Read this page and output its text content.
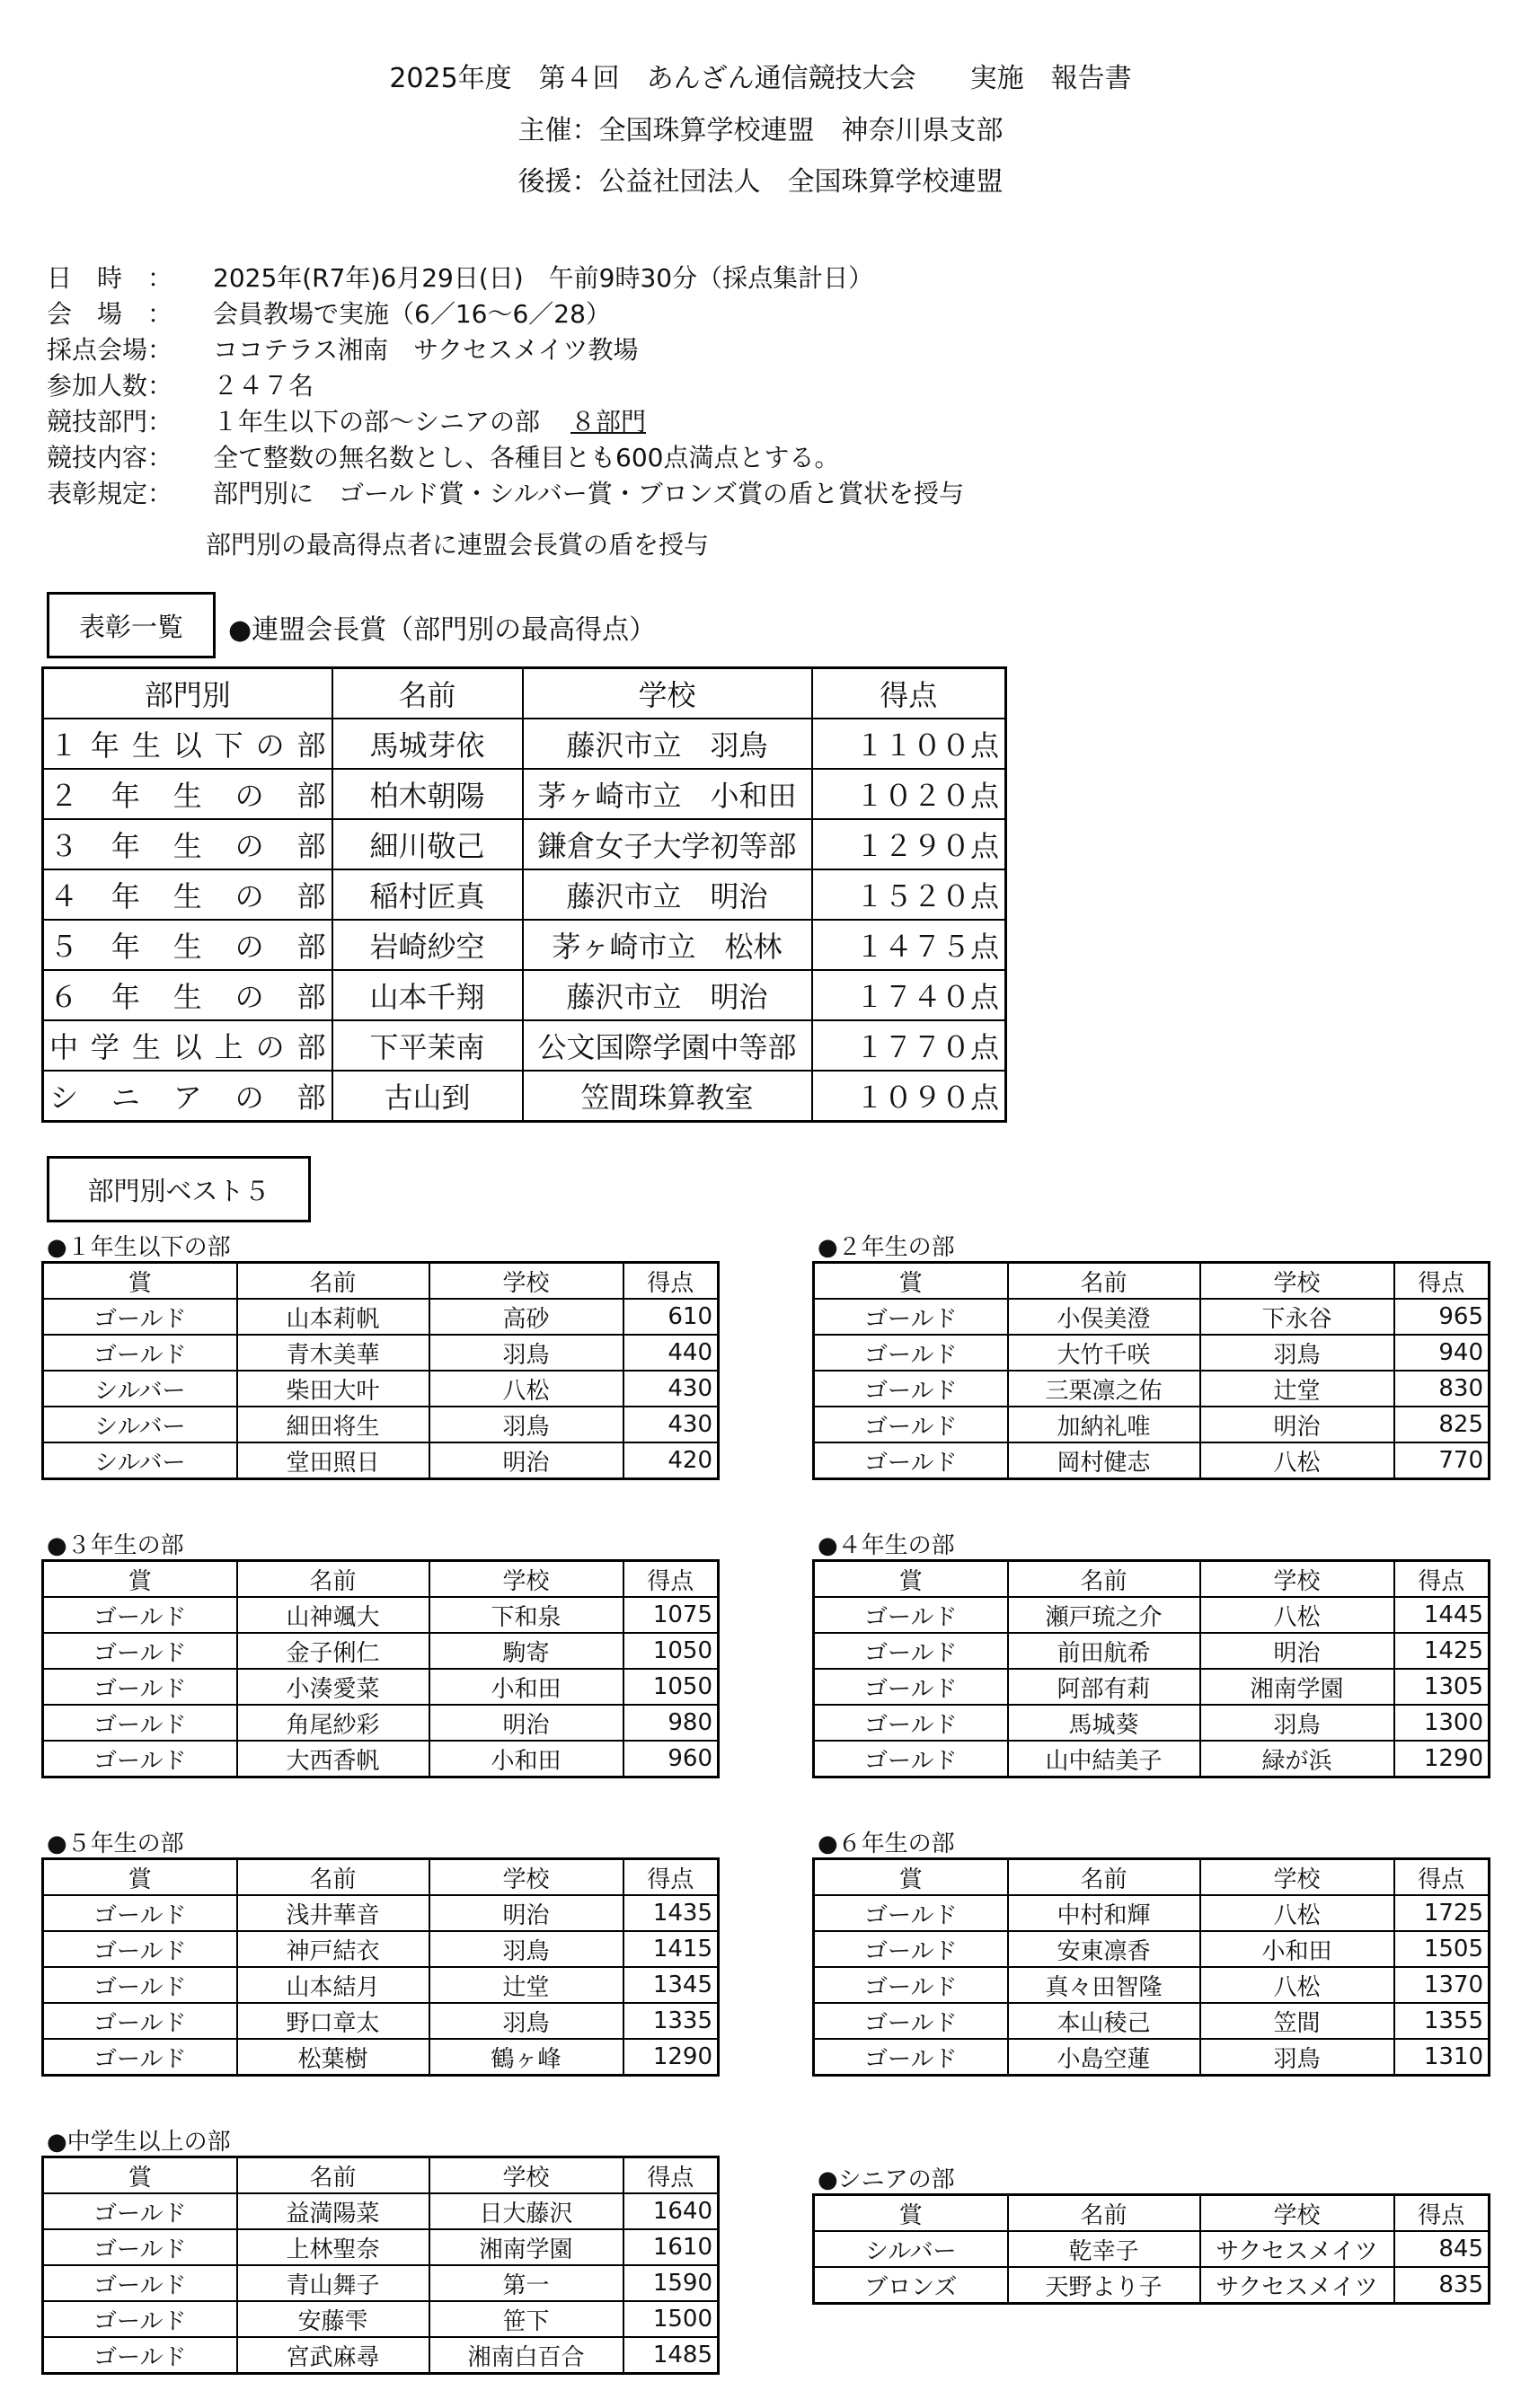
2025年度　第４回　あんざん通信競技大会　　実施　報告書
主催：全国珠算学校連盟　神奈川県支部
後援：公益社団法人　全国珠算学校連盟
日　時　： 2025年(R7年)6月29日(日)　午前9時30分（採点集計日）
会　場　： 会員教場で実施（6／16～6／28）
採点会場： ココテラス湘南　サクセスメイツ教場
参加人数： ２４７名
競技部門： １年生以下の部～シニアの部 ８部門
競技内容： 全て整数の無名数とし、各種目とも600点満点とする。
表彰規定： 部門別に　ゴールド賞・シルバー賞・ブロンズ賞の盾と賞状を授与
部門別の最高得点者に連盟会長賞の盾を授与
表彰一覧	●連盟会長賞（部門別の最高得点）
部門別	名前	学校	得点
１年生以下の部	馬城芽依	藤沢市立　羽鳥	１１００点
２年生の部	柏木朝陽	茅ヶ崎市立　小和田	１０２０点
３年生の部	細川敬己	鎌倉女子大学初等部	１２９０点
４年生の部	稲村匠真	藤沢市立　明治	１５２０点
５年生の部	岩崎紗空	茅ヶ崎市立　松林	１４７５点
６年生の部	山本千翔	藤沢市立　明治	１７４０点
中学生以上の部	下平茉南	公文国際学園中等部	１７７０点
シニアの部	古山到	笠間珠算教室	１０９０点
部門別ベスト５
●１年生以下の部
賞	名前	学校	得点
ゴールド	山本莉帆	高砂	610
ゴールド	青木美華	羽鳥	440
シルバー	柴田大叶	八松	430
シルバー	細田将生	羽鳥	430
シルバー	堂田照日	明治	420
●２年生の部
賞	名前	学校	得点
ゴールド	小俣美澄	下永谷	965
ゴールド	大竹千咲	羽鳥	940
ゴールド	三栗凛之佑	辻堂	830
ゴールド	加納礼唯	明治	825
ゴールド	岡村健志	八松	770
●３年生の部
賞	名前	学校	得点
ゴールド	山神颯大	下和泉	1075
ゴールド	金子俐仁	駒寄	1050
ゴールド	小湊愛菜	小和田	1050
ゴールド	角尾紗彩	明治	980
ゴールド	大西香帆	小和田	960
●４年生の部
賞	名前	学校	得点
ゴールド	瀬戸琉之介	八松	1445
ゴールド	前田航希	明治	1425
ゴールド	阿部有莉	湘南学園	1305
ゴールド	馬城葵	羽鳥	1300
ゴールド	山中結美子	緑が浜	1290
●５年生の部
賞	名前	学校	得点
ゴールド	浅井華音	明治	1435
ゴールド	神戸結衣	羽鳥	1415
ゴールド	山本結月	辻堂	1345
ゴールド	野口章太	羽鳥	1335
ゴールド	松葉樹	鶴ヶ峰	1290
●６年生の部
賞	名前	学校	得点
ゴールド	中村和輝	八松	1725
ゴールド	安東凛香	小和田	1505
ゴールド	真々田智隆	八松	1370
ゴールド	本山稜己	笠間	1355
ゴールド	小島空蓮	羽鳥	1310
●中学生以上の部
賞	名前	学校	得点
ゴールド	益満陽菜	日大藤沢	1640
ゴールド	上林聖奈	湘南学園	1610
ゴールド	青山舞子	第一	1590
ゴールド	安藤雫	笹下	1500
ゴールド	宮武麻尋	湘南白百合	1485
●シニアの部
賞	名前	学校	得点
シルバー	乾幸子	サクセスメイツ	845
ブロンズ	天野より子	サクセスメイツ	835
